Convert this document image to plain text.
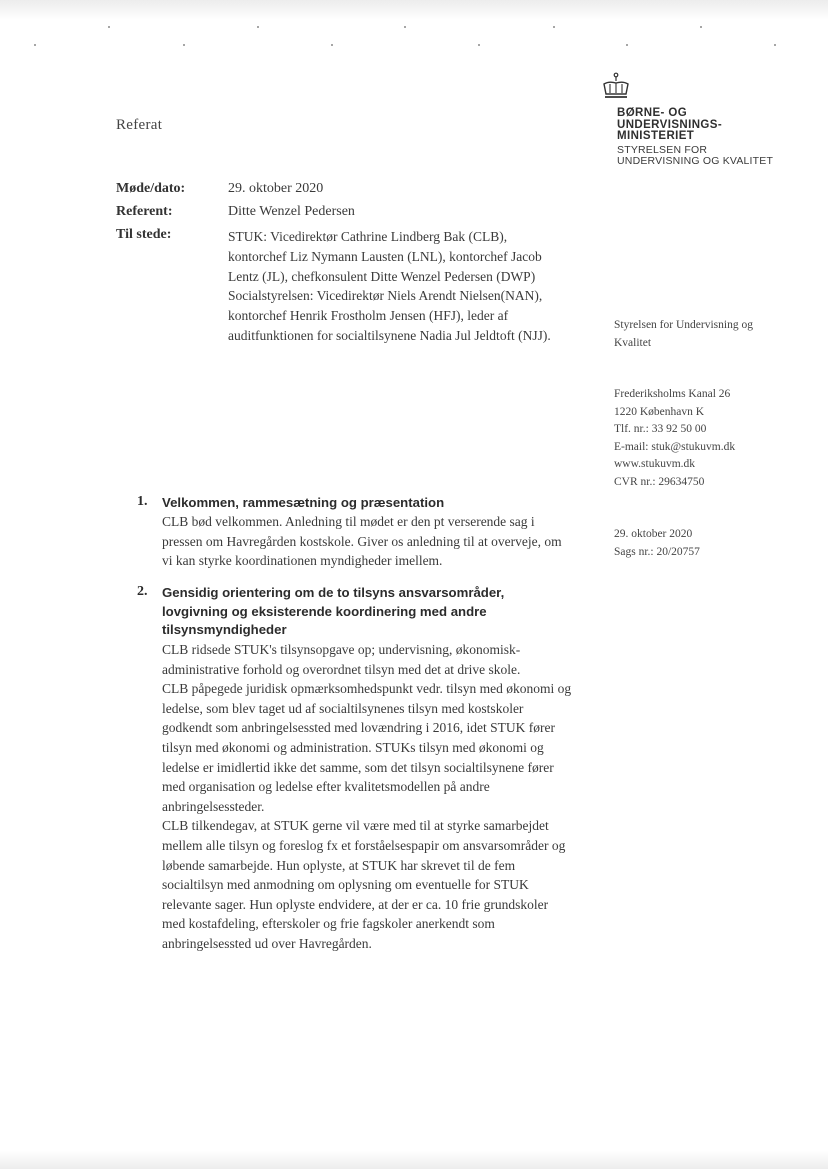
BØRNE- OG
UNDERVISNINGS-
MINISTERIET
STYRELSEN FOR
UNDERVISNING OG KVALITET
Referat
Møde/dato:	29. oktober 2020
Referent:	Ditte Wenzel Pedersen
Til stede:	STUK: Vicedirektør Cathrine Lindberg Bak (CLB), kontorchef Liz Nymann Lausten (LNL), kontorchef Jacob Lentz (JL), chefkonsulent Ditte Wenzel Pedersen (DWP)

Socialstyrelsen: Vicedirektør Niels Arendt Nielsen(NAN), kontorchef Henrik Frostholm Jensen (HFJ), leder af auditfunktionen for socialtilsynene Nadia Jul Jeldtoft (NJJ).

Styrelsen for Undervisning og
Kvalitet
Frederiksholms Kanal 26
1220 København K
Tlf. nr.: 33 92 50 00
E-mail: stuk@stukuvm.dk
www.stukuvm.dk
CVR nr.: 29634750
29. oktober 2020
Sags nr.: 20/20757
1. Velkommen, rammesætning og præsentation

CLB bød velkommen. Anledning til mødet er den pt verserende sag i pressen om Havregården kostskole. Giver os anledning til at overveje, om vi kan styrke koordinationen myndigheder imellem.

2. Gensidig orientering om de to tilsyns ansvarsområder, lovgivning og eksisterende koordinering med andre tilsynsmyndigheder

CLB ridsede STUK's tilsynsopgave op; undervisning, økonomisk-administrative forhold og overordnet tilsyn med det at drive skole.

CLB påpegede juridisk opmærksomhedspunkt vedr. tilsyn med økonomi og ledelse, som blev taget ud af socialtilsynenes tilsyn med kostskoler godkendt som anbringelsessted med lovændring i 2016, idet STUK fører tilsyn med økonomi og administration. STUKs tilsyn med økonomi og ledelse er imidlertid ikke det samme, som det tilsyn socialtilsynene fører med organisation og ledelse efter kvalitetsmodellen på andre anbringelsessteder.

CLB tilkendegav, at STUK gerne vil være med til at styrke samarbejdet mellem alle tilsyn og foreslog fx et forståelsespapir om ansvarsområder og løbende samarbejde. Hun oplyste, at STUK har skrevet til de fem socialtilsyn med anmodning om oplysning om eventuelle for STUK relevante sager. Hun oplyste endvidere, at der er ca. 10 frie grundskoler med kostafdeling, efterskoler og frie fagskoler anerkendt som anbringelsessted ud over Havregården.
